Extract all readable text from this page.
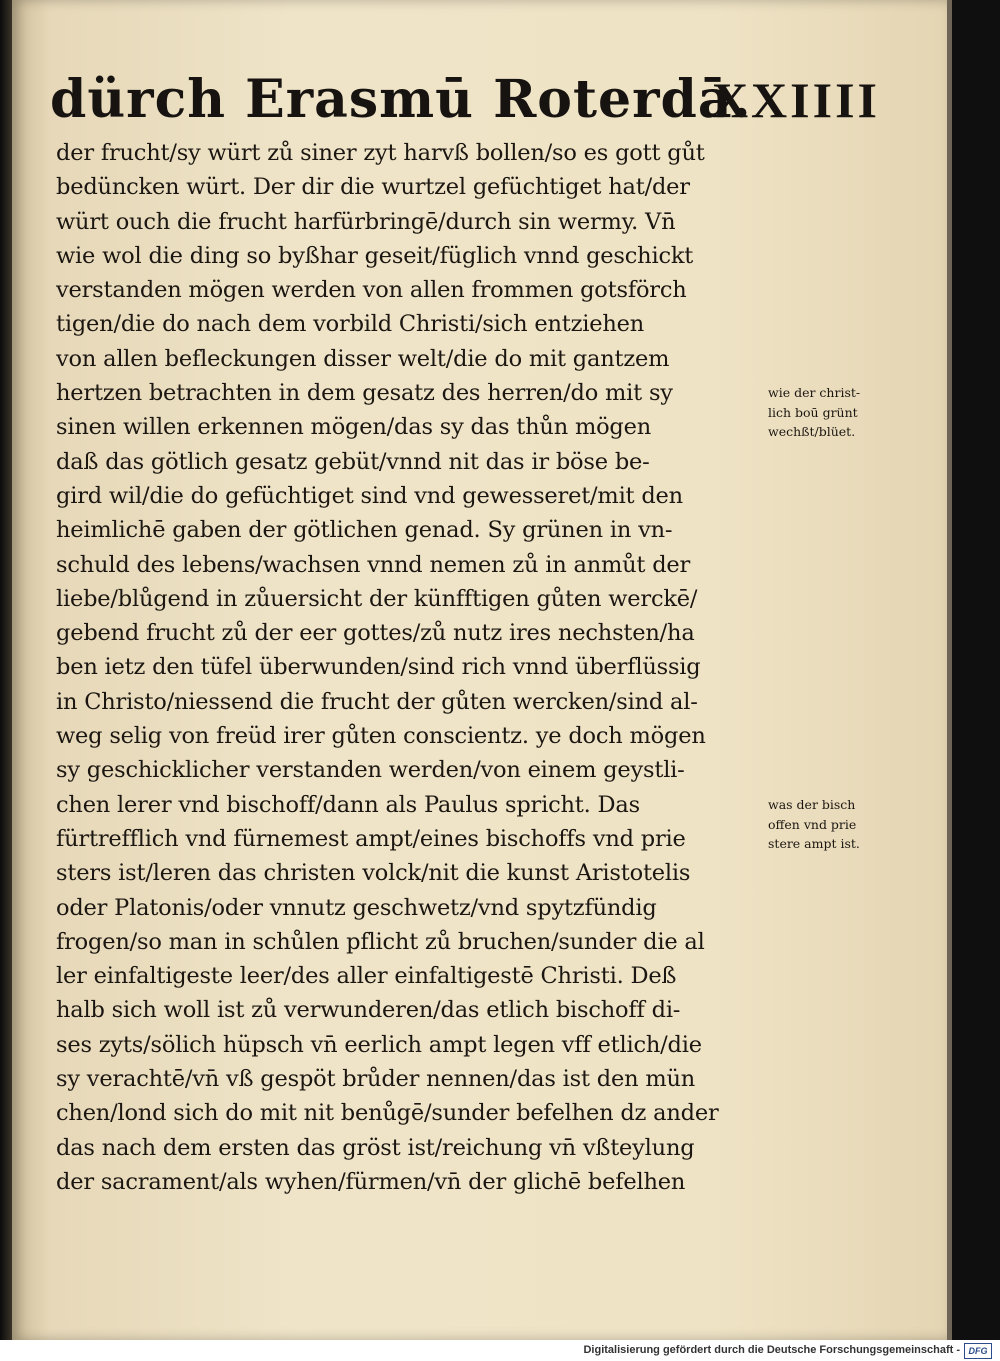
dürch Erasmū Roterdā.
XXIIII
der frucht/sy würt zů siner zyt harvß bollen/so es gott gůt
bedüncken würt. Der dir die wurtzel gefüchtiget hat/der
würt ouch die frucht harfürbringē/durch sin wermy. Vn̄
wie wol die ding so byßhar geseit/füglich vnnd geschickt
verstanden mögen werden von allen frommen gotsförch
tigen/die do nach dem vorbild Christi/sich entziehen
von allen befleckungen disser welt/die do mit gantzem
hertzen betrachten in dem gesatz des herren/do mit sy
sinen willen erkennen mögen/das sy das thůn mögen
daß das götlich gesatz gebüt/vnnd nit das ir böse be-
gird wil/die do gefüchtiget sind vnd gewesseret/mit den
heimlichē gaben der götlichen genad. Sy grünen in vn-
schuld des lebens/wachsen vnnd nemen zů in anmůt der
liebe/blůgend in zůuersicht der künfftigen gůten werckē/
gebend frucht zů der eer gottes/zů nutz ires nechsten/ha
ben ietz den tüfel überwunden/sind rich vnnd überflüssig
in Christo/niessend die frucht der gůten wercken/sind al-
weg selig von freüd irer gůten conscientz. ye doch mögen
sy geschicklicher verstanden werden/von einem geystli-
chen lerer vnd bischoff/dann als Paulus spricht. Das
fürtrefflich vnd fürnemest ampt/eines bischoffs vnd prie
sters ist/leren das christen volck/nit die kunst Aristotelis
oder Platonis/oder vnnutz geschwetz/vnd spytzfündig
frogen/so man in schůlen pflicht zů bruchen/sunder die al
ler einfaltigeste leer/des aller einfaltigestē Christi. Deß
halb sich woll ist zů verwunderen/das etlich bischoff di-
ses zyts/sölich hüpsch vn̄ eerlich ampt legen vff etlich/die
sy verachtē/vn̄ vß gespöt brůder nennen/das ist den mün
chen/lond sich do mit nit benůgē/sunder befelhen dz ander
das nach dem ersten das gröst ist/reichung vn̄ vßteylung
der sacrament/als wyhen/fürmen/vn̄ der glichē befelhen
wie der christ-
lich boū grünt
wechßt/blüet.
was der bisch
offen vnd prie
stere ampt ist.
Digitalisierung gefördert durch die Deutsche Forschungsgemeinschaft - DFG
